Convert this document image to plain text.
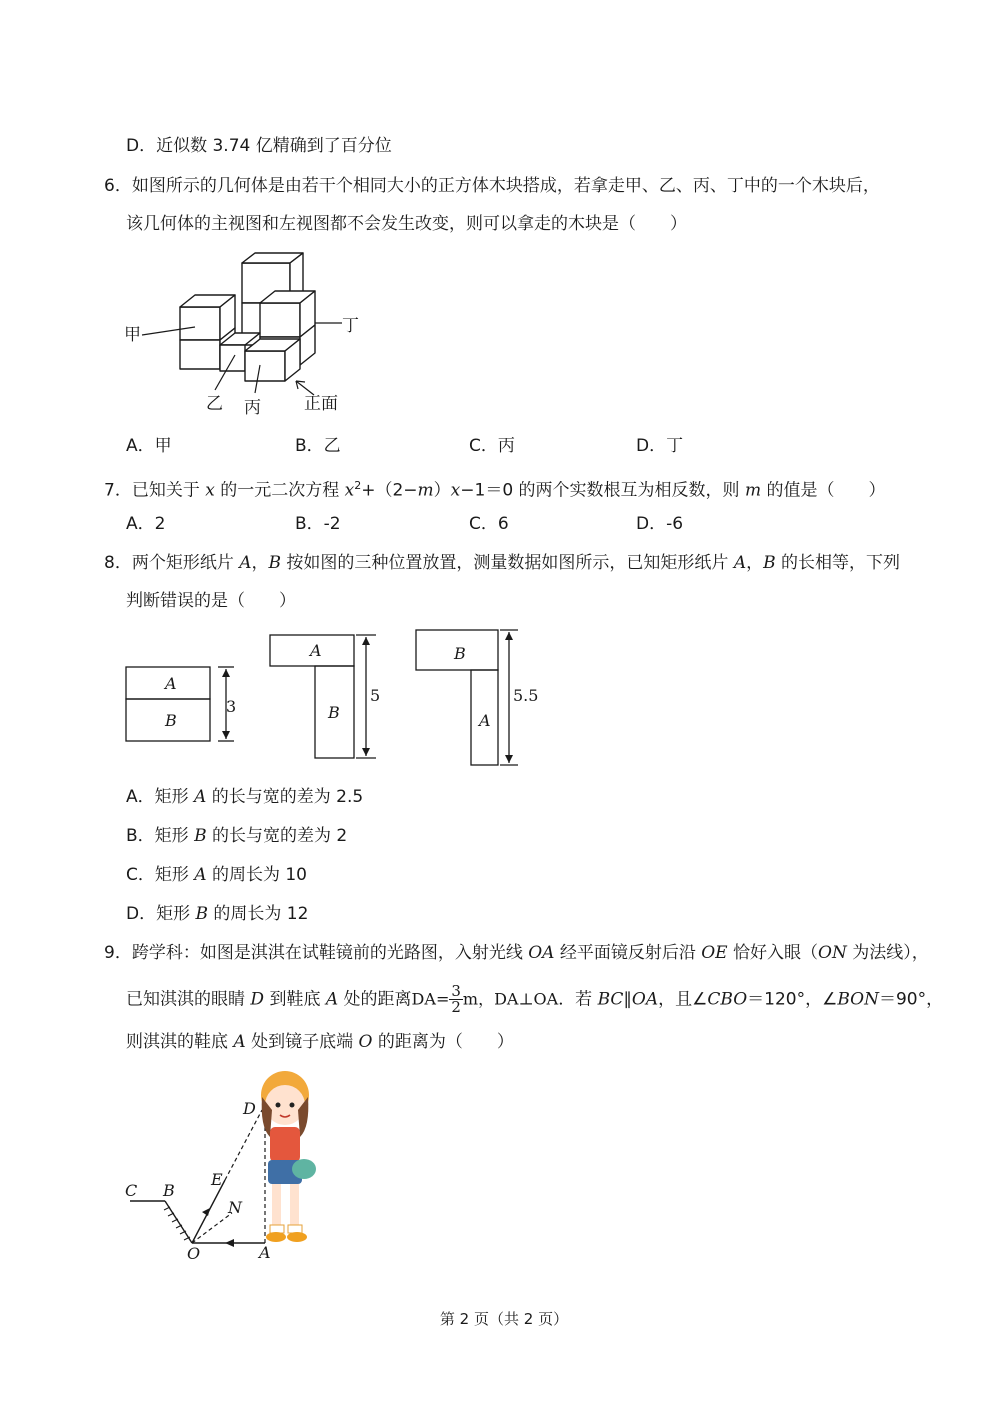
D．近似数 3.74 亿精确到了百分位
6．如图所示的几何体是由若干个相同大小的正方体木块搭成，若拿走甲、乙、丙、丁中的一个木块后，
该几何体的主视图和左视图都不会发生改变，则可以拿走的木块是（　　）
甲	丁
乙 丙	正面
A．甲	B．乙	C．丙	D．丁
7．已知关于 x 的一元二次方程 $x^2+(2-m)x-1=0$ 的两个实数根互为相反数，则 m 的值是（　　）
A．2	B．-2	C．6	D．-6
8．两个矩形纸片 A，B 按如图的三种位置放置，测量数据如图所示，已知矩形纸片 A，B 的长相等，下列
判断错误的是（　　）
A
B
3
A
B
5
B
A
5.5
A．矩形 A 的长与宽的差为 2.5
B．矩形 B 的长与宽的差为 2
C．矩形 A 的周长为 10
D．矩形 B 的周长为 12
9．跨学科：如图是淇淇在试鞋镜前的光路图，入射光线 OA 经平面镜反射后沿 OE 恰好入眼（ON 为法线），
已知淇淇的眼睛 D 到鞋底 A 处的距离$DA= \frac{3}{2}$ m，DA⊥OA．若 BC∥OA，且∠CBO＝120°，∠BON＝90°，
则淇淇的鞋底 A 处到镜子底端 O 的距离为（　　）
C B
D
E
N
O	A
第 2 页（共 2 页）
